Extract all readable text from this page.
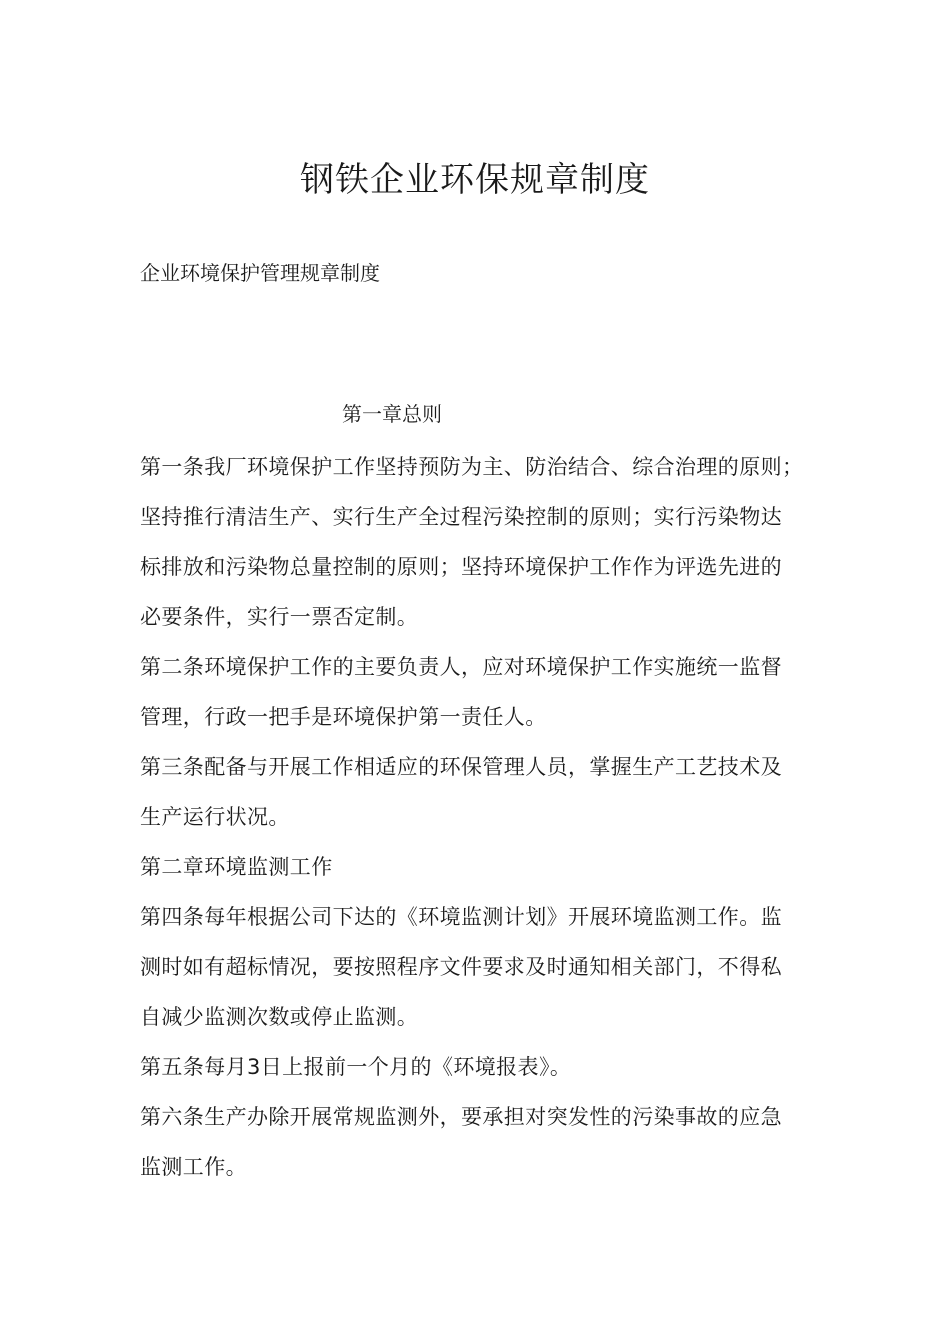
钢铁企业环保规章制度
企业环境保护管理规章制度
第一章总则
第一条我厂环境保护工作坚持预防为主、防治结合、综合治理的原则；
坚持推行清洁生产、实行生产全过程污染控制的原则；实行污染物达
标排放和污染物总量控制的原则；坚持环境保护工作作为评选先进的
必要条件，实行一票否定制。
第二条环境保护工作的主要负责人，应对环境保护工作实施统一监督
管理，行政一把手是环境保护第一责任人。
第三条配备与开展工作相适应的环保管理人员，掌握生产工艺技术及
生产运行状况。
第二章环境监测工作
第四条每年根据公司下达的《环境监测计划》开展环境监测工作。监
测时如有超标情况，要按照程序文件要求及时通知相关部门，不得私
自减少监测次数或停止监测。
第五条每月3日上报前一个月的《环境报表》。
第六条生产办除开展常规监测外，要承担对突发性的污染事故的应急
监测工作。
